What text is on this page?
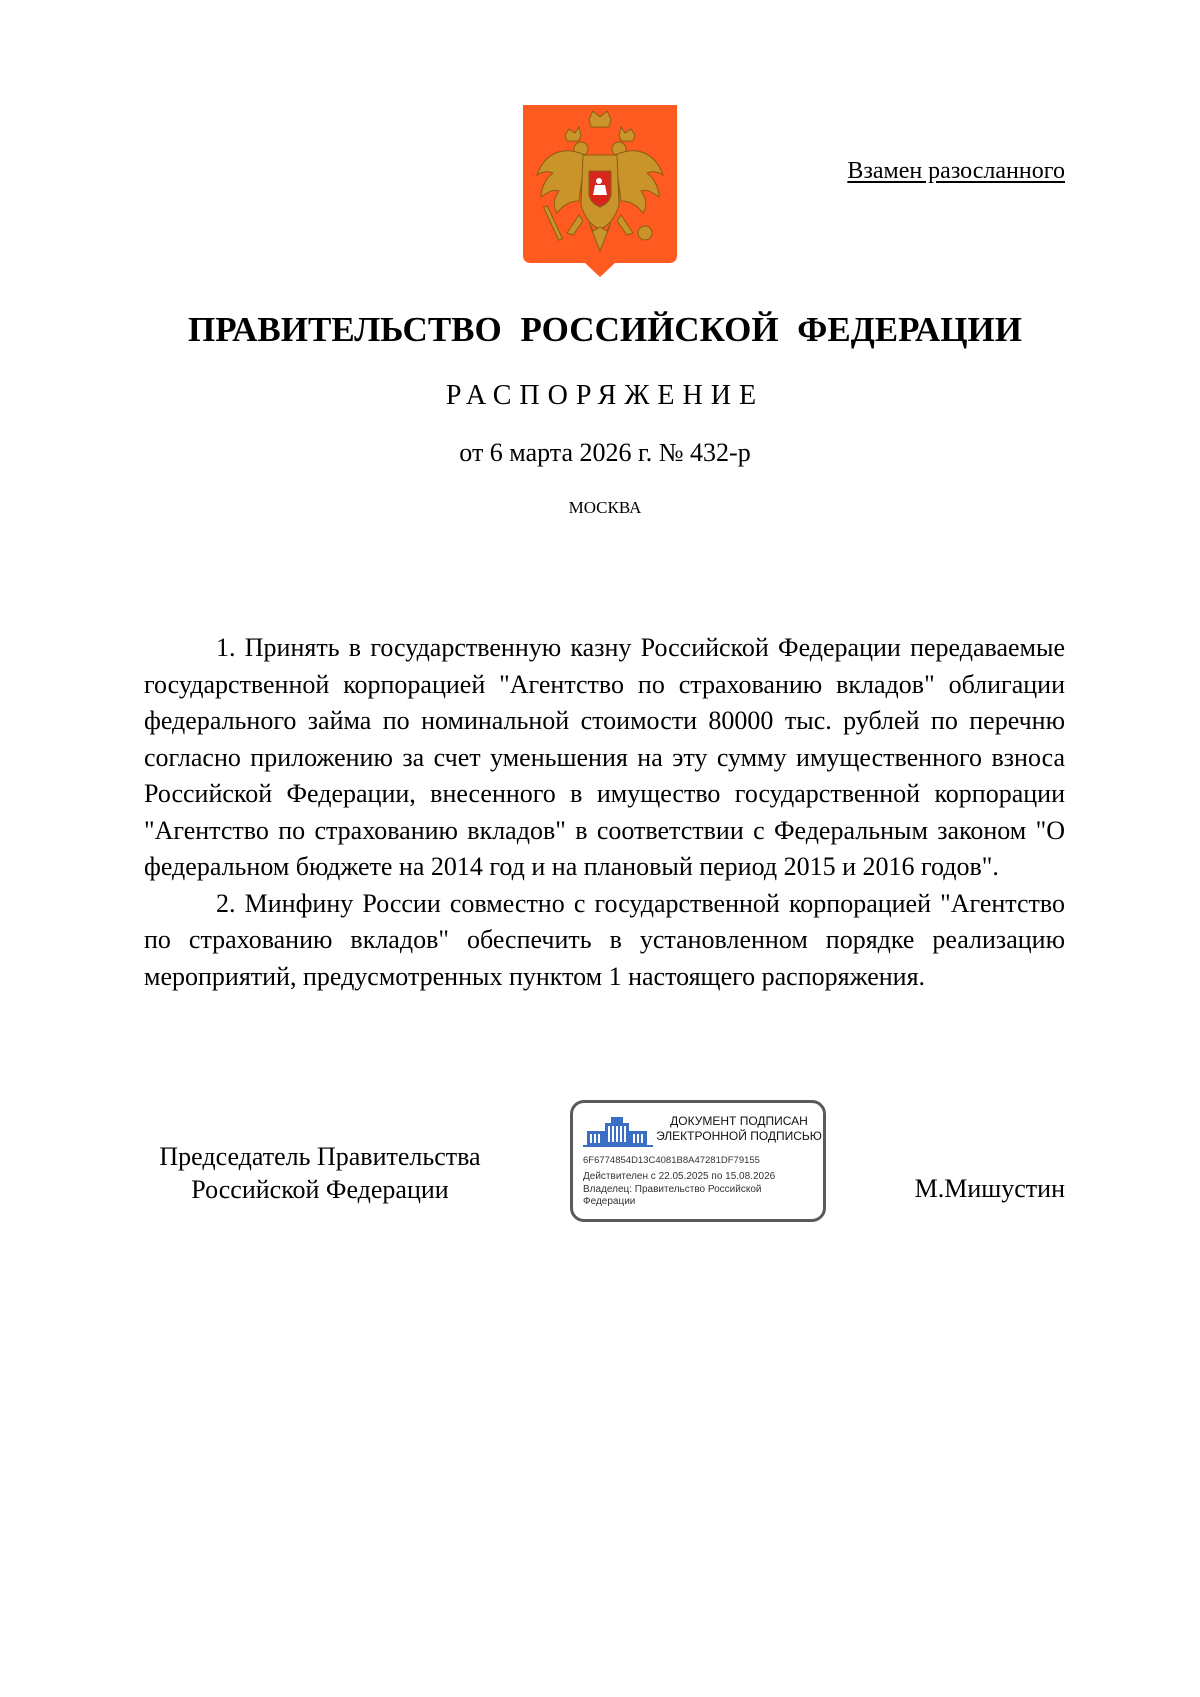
Взамен разосланного
ПРАВИТЕЛЬСТВО РОССИЙСКОЙ ФЕДЕРАЦИИ
РАСПОРЯЖЕНИЕ
от 6 марта 2026 г. № 432-р
МОСКВА

1. Принять в государственную казну Российской Федерации передаваемые государственной корпорацией "Агентство по страхованию вкладов" облигации федерального займа по номинальной стоимости 80000 тыс. рублей по перечню согласно приложению за счет уменьшения на эту сумму имущественного взноса Российской Федерации, внесенного в имущество государственной корпорации "Агентство по страхованию вкладов" в соответствии с Федеральным законом "О федеральном бюджете на 2014 год и на плановый период 2015 и 2016 годов".

2. Минфину России совместно с государственной корпорацией "Агентство по страхованию вкладов" обеспечить в установленном порядке реализацию мероприятий, предусмотренных пунктом 1 настоящего распоряжения.

Председатель Правительства
Российской Федерации
ДОКУМЕНТ ПОДПИСАН
ЭЛЕКТРОННОЙ ПОДПИСЬЮ
6F6774854D13C4081B8A47281DF79155
Действителен с 22.05.2025 по 15.08.2026
Владелец: Правительство Российской Федерации	М.Мишустин
